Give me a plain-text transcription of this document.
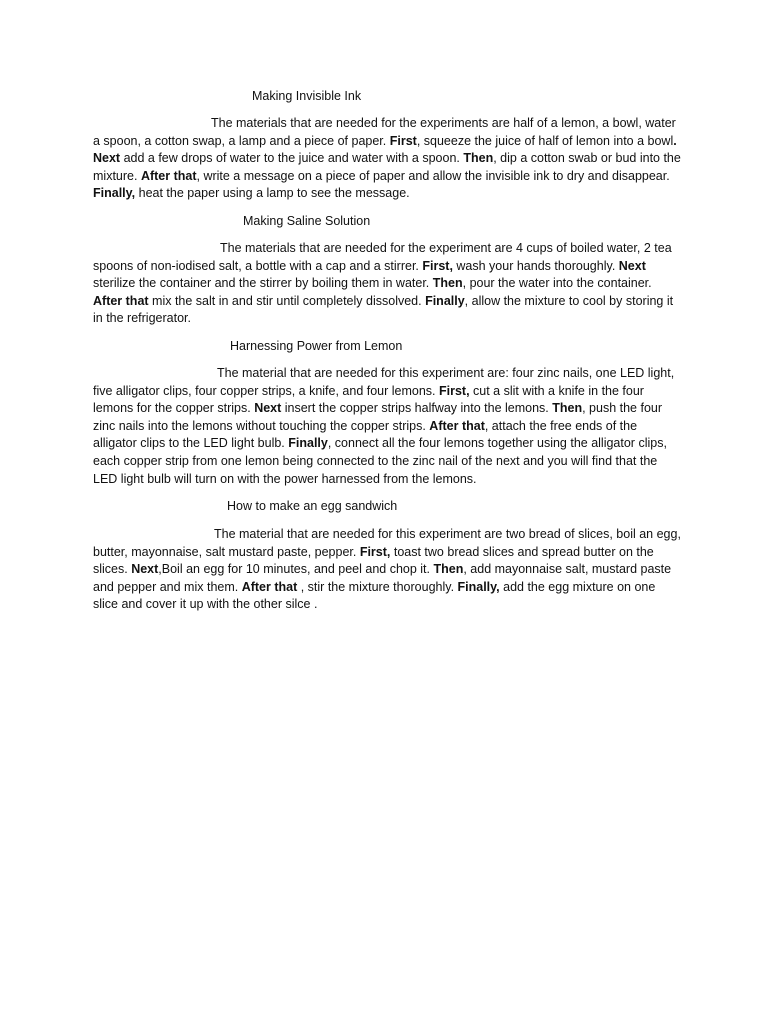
Making Invisible Ink

The materials that are needed for the experiments are half of a lemon, a bowl, water a spoon, a cotton swap, a lamp and a piece of paper. First, squeeze the juice of half of lemon into a bowl. Next add a few drops of water to the juice and water with a spoon. Then, dip a cotton swab or bud into the mixture. After that, write a message on a piece of paper and allow the invisible ink to dry and disappear. Finally, heat the paper using a lamp to see the message.

Making Saline Solution

The materials that are needed for the experiment are 4 cups of boiled water, 2 tea spoons of non-iodised salt, a bottle with a cap and a stirrer. First, wash your hands thoroughly. Next sterilize the container and the stirrer by boiling them in water. Then, pour the water into the container. After that mix the salt in and stir until completely dissolved. Finally, allow the mixture to cool by storing it in the refrigerator.

Harnessing Power from Lemon

The material that are needed for this experiment are: four zinc nails, one LED light, five alligator clips, four copper strips, a knife, and four lemons. First, cut a slit with a knife in the four lemons for the copper strips. Next insert the copper strips halfway into the lemons. Then, push the four zinc nails into the lemons without touching the copper strips. After that, attach the free ends of the alligator clips to the LED light bulb. Finally, connect all the four lemons together using the alligator clips, each copper strip from one lemon being connected to the zinc nail of the next and you will find that the LED light bulb will turn on with the power harnessed from the lemons.

How to make an egg sandwich

The material that are needed for this experiment are two bread of slices, boil an egg, butter, mayonnaise, salt mustard paste, pepper. First, toast two bread slices and spread butter on the slices. Next,Boil an egg for 10 minutes, and peel and chop it. Then, add mayonnaise salt, mustard paste and pepper and mix them. After that , stir the mixture thoroughly. Finally, add the egg mixture on one slice and cover it up with the other silce .
